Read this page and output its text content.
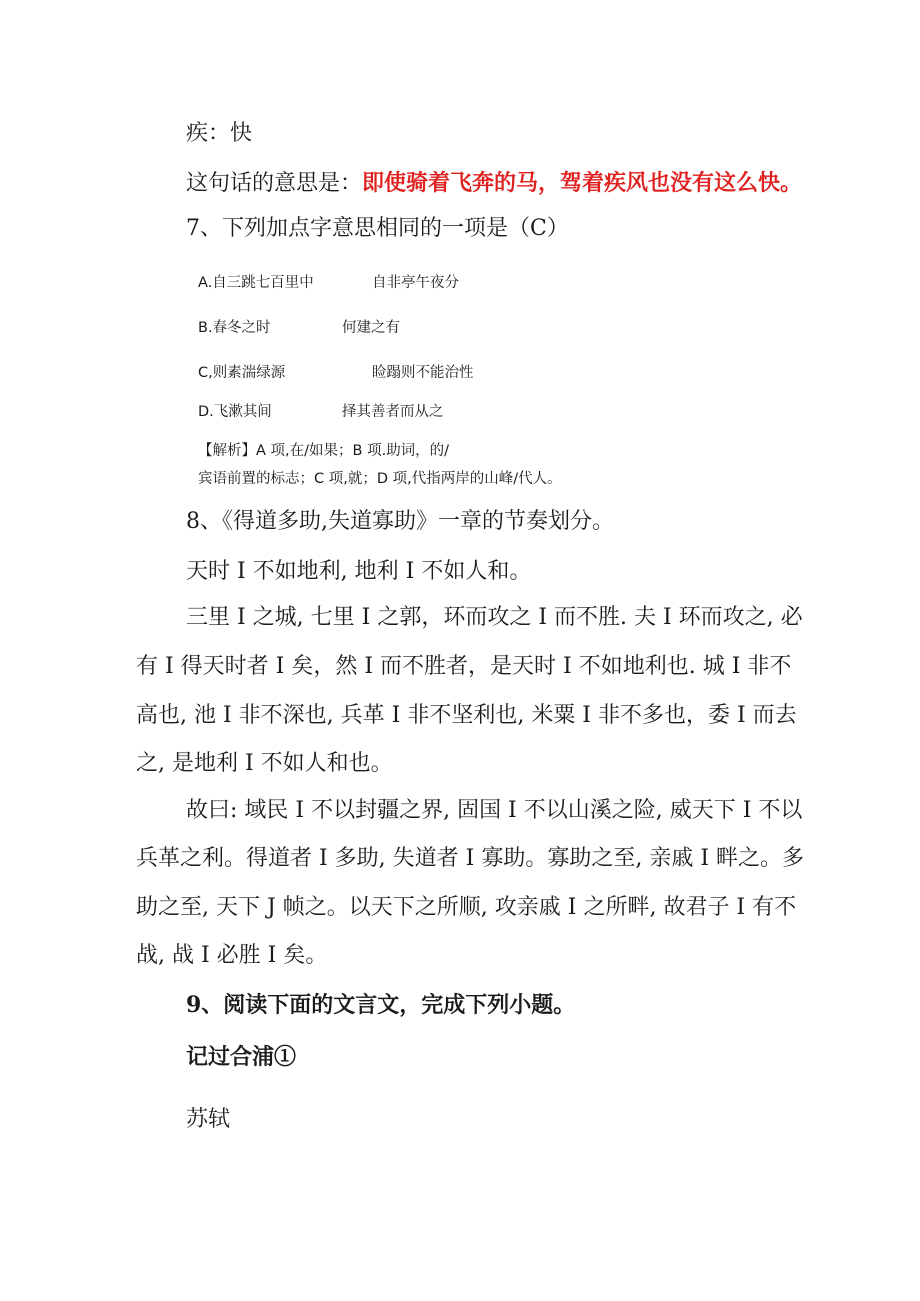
疾：快
这句话的意思是：即使骑着飞奔的马，驾着疾风也没有这么快。
7、下列加点字意思相同的一项是（C）
A.自三跳七百里中	自非亭午夜分
B.春冬之时	何建之有
C,则素湍绿源	睑蹋则不能治性
D.飞漱其间	择其善者而从之
【解析】A 项,在/如果；B 项.助词，的/
宾语前置的标志；C 项,就；D 项,代指两岸的山峰/代人。
8、《得道多助,失道寡助》一章的节奏划分。
天时 I 不如地利, 地利 I 不如人和。
三里 I 之城, 七里 I 之郭，环而攻之 I 而不胜. 夫 I 环而攻之, 必
有 I 得天时者 I 矣，然 I 而不胜者，是天时 I 不如地利也. 城 I 非不
高也, 池 I 非不深也, 兵革 I 非不坚利也, 米粟 I 非不多也，委 I 而去
之, 是地利 I 不如人和也。
故曰: 域民 I 不以封疆之界, 固国 I 不以山溪之险, 威天下 I 不以
兵革之利。得道者 I 多助, 失道者 I 寡助。寡助之至, 亲戚 I 畔之。多
助之至, 天下 J 帧之。以天下之所顺, 攻亲戚 I 之所畔, 故君子 I 有不
战, 战 I 必胜 I 矣。
9、阅读下面的文言文，完成下列小题。
记过合浦①
苏轼
